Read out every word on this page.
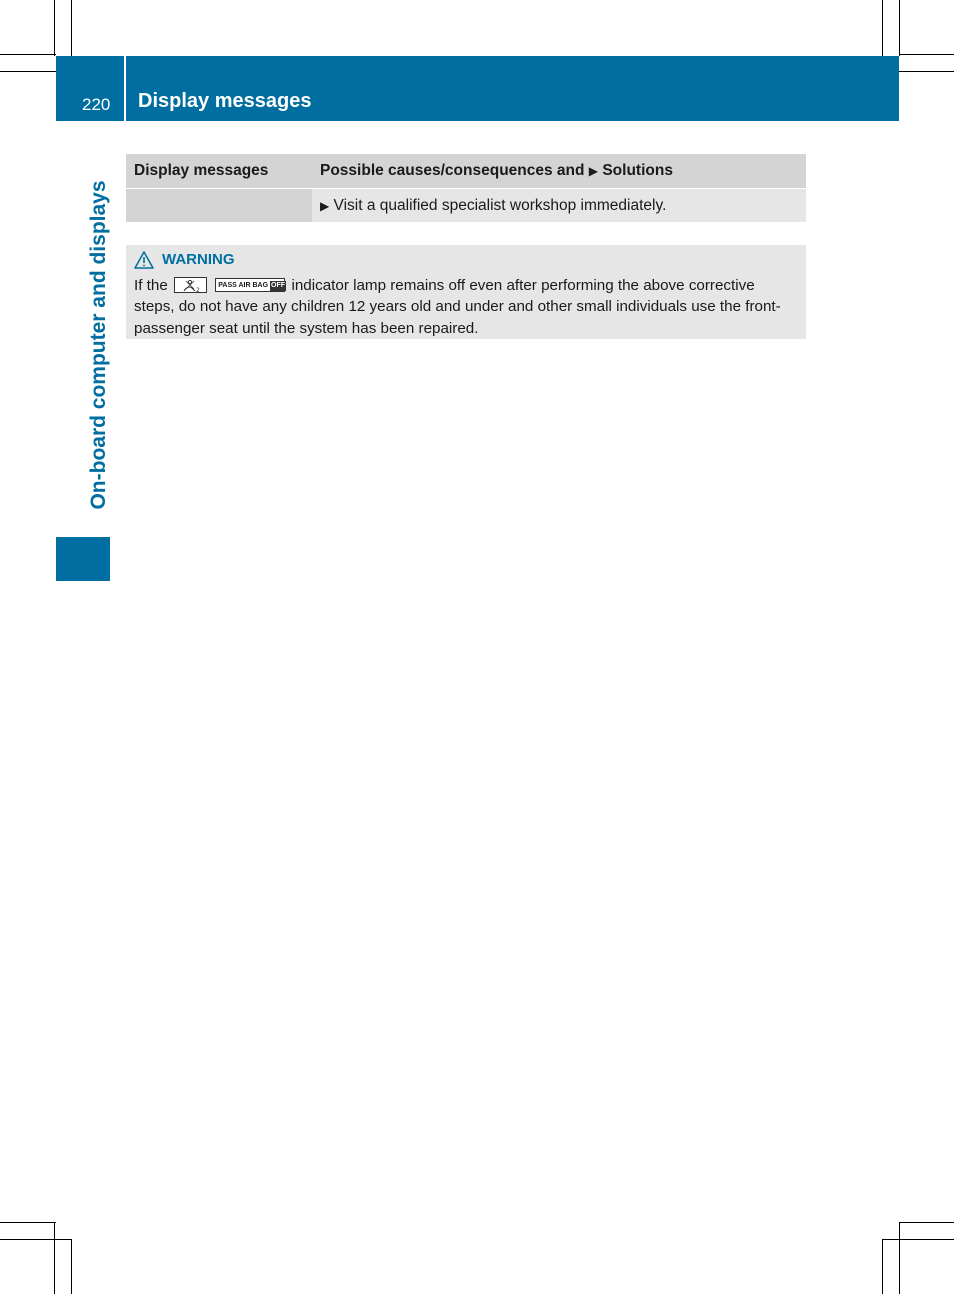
220 Display messages
On-board computer and displays
Display messages	Possible causes/consequences and ▶ Solutions
	▶ Visit a qualified specialist workshop immediately.
WARNING
If the	2
PASS AIR BAG OFF indicator lamp remains off even after performing the above corrective steps, do not have any children 12 years old and under and other small individuals use the front-passenger seat until the system has been repaired.
